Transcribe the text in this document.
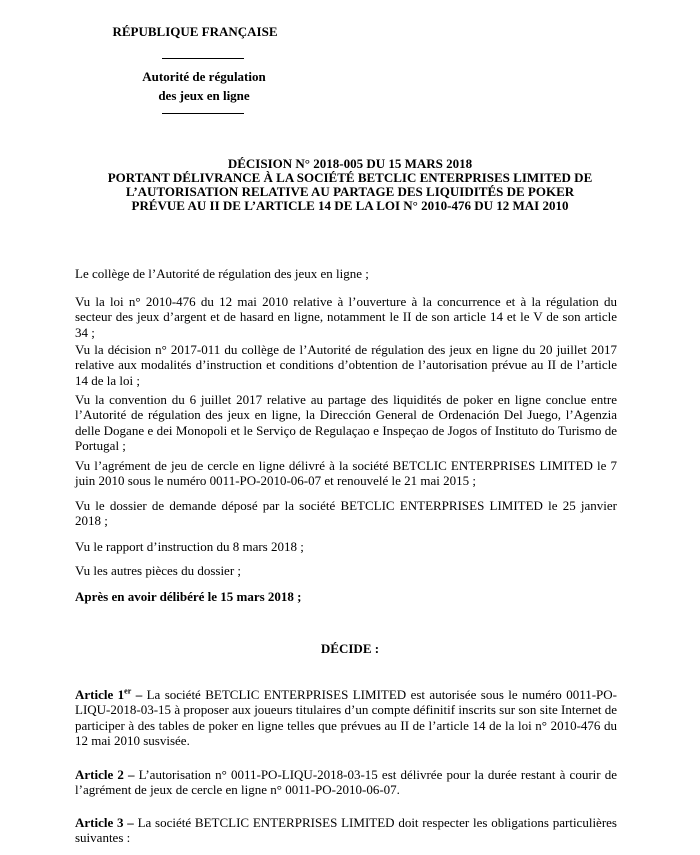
RÉPUBLIQUE FRANÇAISE
Autorité de régulation
des jeux en ligne
DÉCISION N° 2018-005 DU 15 MARS 2018
PORTANT DÉLIVRANCE À LA SOCIÉTÉ BETCLIC ENTERPRISES LIMITED DE
L’AUTORISATION RELATIVE AU PARTAGE DES LIQUIDITÉS DE POKER
PRÉVUE AU II DE L’ARTICLE 14 DE LA LOI N° 2010-476 DU 12 MAI 2010
Le collège de l’Autorité de régulation des jeux en ligne ;
Vu la loi n° 2010-476 du 12 mai 2010 relative à l’ouverture à la concurrence et à la régulation du secteur des jeux d’argent et de hasard en ligne, notamment le II de son article 14 et le V de son article 34 ;
Vu la décision n° 2017-011 du collège de l’Autorité de régulation des jeux en ligne du 20 juillet 2017 relative aux modalités d’instruction et conditions d’obtention de l’autorisation prévue au II de l’article 14 de la loi ;
Vu la convention du 6 juillet 2017 relative au partage des liquidités de poker en ligne conclue entre l’Autorité de régulation des jeux en ligne, la Dirección General de Ordenación Del Juego, l’Agenzia delle Dogane e dei Monopoli et le Serviço de Regulaçao e Inspeçao de Jogos of Instituto do Turismo de Portugal ;
Vu l’agrément de jeu de cercle en ligne délivré à la société BETCLIC ENTERPRISES LIMITED le 7 juin 2010 sous le numéro 0011-PO-2010-06-07 et renouvelé le 21 mai 2015 ;
Vu le dossier de demande déposé par la société BETCLIC ENTERPRISES LIMITED le 25 janvier 2018 ;
Vu le rapport d’instruction du 8 mars 2018 ;
Vu les autres pièces du dossier ;
Après en avoir délibéré le 15 mars 2018 ;
DÉCIDE :
Article 1er – La société BETCLIC ENTERPRISES LIMITED est autorisée sous le numéro 0011-PO-LIQU-2018-03-15 à proposer aux joueurs titulaires d’un compte définitif inscrits sur son site Internet de participer à des tables de poker en ligne telles que prévues au II de l’article 14 de la loi n° 2010-476 du 12 mai 2010 susvisée.
Article 2 – L’autorisation n° 0011-PO-LIQU-2018-03-15 est délivrée pour la durée restant à courir de l’agrément de jeux de cercle en ligne n° 0011-PO-2010-06-07.
Article 3 – La société BETCLIC ENTERPRISES LIMITED doit respecter les obligations particulières suivantes :
